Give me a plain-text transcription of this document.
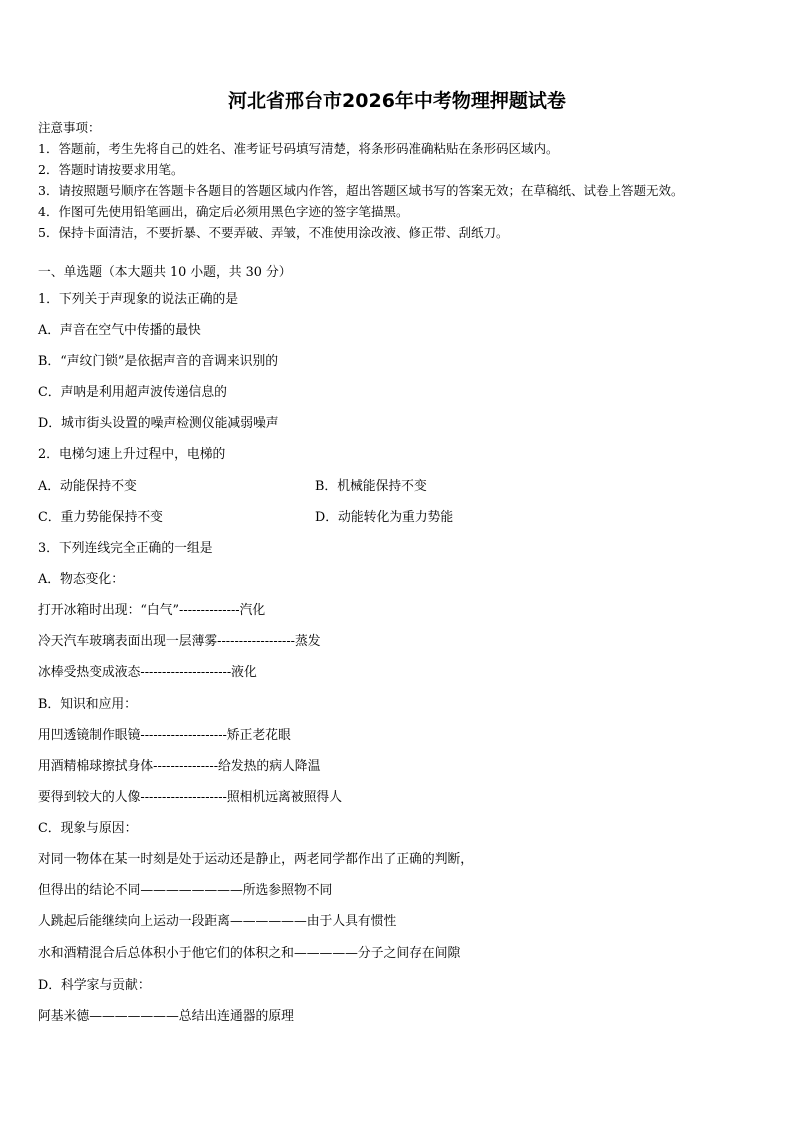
河北省邢台市2026年中考物理押题试卷
注意事项：
1．答题前，考生先将自己的姓名、准考证号码填写清楚，将条形码准确粘贴在条形码区域内。
2．答题时请按要求用笔。
3．请按照题号顺序在答题卡各题目的答题区域内作答，超出答题区域书写的答案无效；在草稿纸、试卷上答题无效。
4．作图可先使用铅笔画出，确定后必须用黑色字迹的签字笔描黑。
5．保持卡面清洁，不要折暴、不要弄破、弄皱，不准使用涂改液、修正带、刮纸刀。
一、单选题（本大题共 10 小题，共 30 分）
1．下列关于声现象的说法正确的是
A．声音在空气中传播的最快
B．“声纹门锁”是依据声音的音调来识别的
C．声呐是利用超声波传递信息的
D．城市街头设置的噪声检测仪能减弱噪声
2．电梯匀速上升过程中，电梯的
A．动能保持不变	B．机械能保持不变
C．重力势能保持不变	D．动能转化为重力势能
3．下列连线完全正确的一组是
A．物态变化：
打开冰箱时出现：“白气”--------------汽化
冷天汽车玻璃表面出现一层薄雾------------------蒸发
冰棒受热变成液态---------------------液化
B．知识和应用：
用凹透镜制作眼镜--------------------矫正老花眼
用酒精棉球擦拭身体---------------给发热的病人降温
要得到较大的人像--------------------照相机远离被照得人
C．现象与原因：
对同一物体在某一时刻是处于运动还是静止，两老同学都作出了正确的判断，
但得出的结论不同————————所选参照物不同
人跳起后能继续向上运动一段距离——————由于人具有惯性
水和酒精混合后总体积小于他它们的体积之和—————分子之间存在间隙
D．科学家与贡献：
阿基米德———————总结出连通器的原理
